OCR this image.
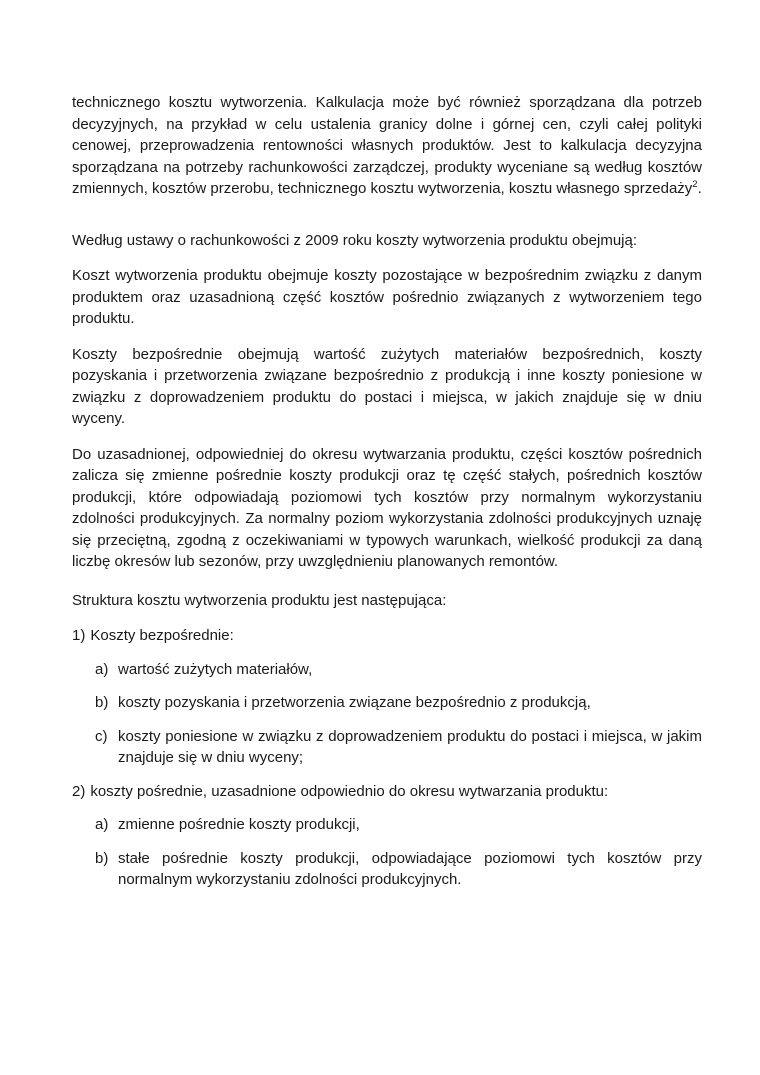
technicznego kosztu wytworzenia. Kalkulacja może być również sporządzana dla potrzeb decyzyjnych, na przykład w celu ustalenia granicy dolne i górnej cen, czyli całej polityki cenowej, przeprowadzenia rentowności własnych produktów. Jest to kalkulacja decyzyjna sporządzana na potrzeby rachunkowości zarządczej, produkty wyceniane są według kosztów zmiennych, kosztów przerobu, technicznego kosztu wytworzenia, kosztu własnego sprzedaży$^2$.

Według ustawy o rachunkowości z 2009 roku koszty wytworzenia produktu obejmują:

Koszt wytworzenia produktu obejmuje koszty pozostające w bezpośrednim związku z danym produktem oraz uzasadnioną część kosztów pośrednio związanych z wytworzeniem tego produktu.

Koszty bezpośrednie obejmują wartość zużytych materiałów bezpośrednich, koszty pozyskania i przetworzenia związane bezpośrednio z produkcją i inne koszty poniesione w związku z doprowadzeniem produktu do postaci i miejsca, w jakich znajduje się w dniu wyceny.

Do uzasadnionej, odpowiedniej do okresu wytwarzania produktu, części kosztów pośrednich zalicza się zmienne pośrednie koszty produkcji oraz tę część stałych, pośrednich kosztów produkcji, które odpowiadają poziomowi tych kosztów przy normalnym wykorzystaniu zdolności produkcyjnych. Za normalny poziom wykorzystania zdolności produkcyjnych uznaję się przeciętną, zgodną z oczekiwaniami w typowych warunkach, wielkość produkcji za daną liczbę okresów lub sezonów, przy uwzględnieniu planowanych remontów.

Struktura kosztu wytworzenia produktu jest następująca:

1) Koszty bezpośrednie:

a) wartość zużytych materiałów,

b) koszty pozyskania i przetworzenia związane bezpośrednio z produkcją,

c) koszty poniesione w związku z doprowadzeniem produktu do postaci i miejsca, w jakim znajduje się w dniu wyceny;

2) koszty pośrednie, uzasadnione odpowiednio do okresu wytwarzania produktu:

a) zmienne pośrednie koszty produkcji,

b) stałe pośrednie koszty produkcji, odpowiadające poziomowi tych kosztów przy normalnym wykorzystaniu zdolności produkcyjnych.
